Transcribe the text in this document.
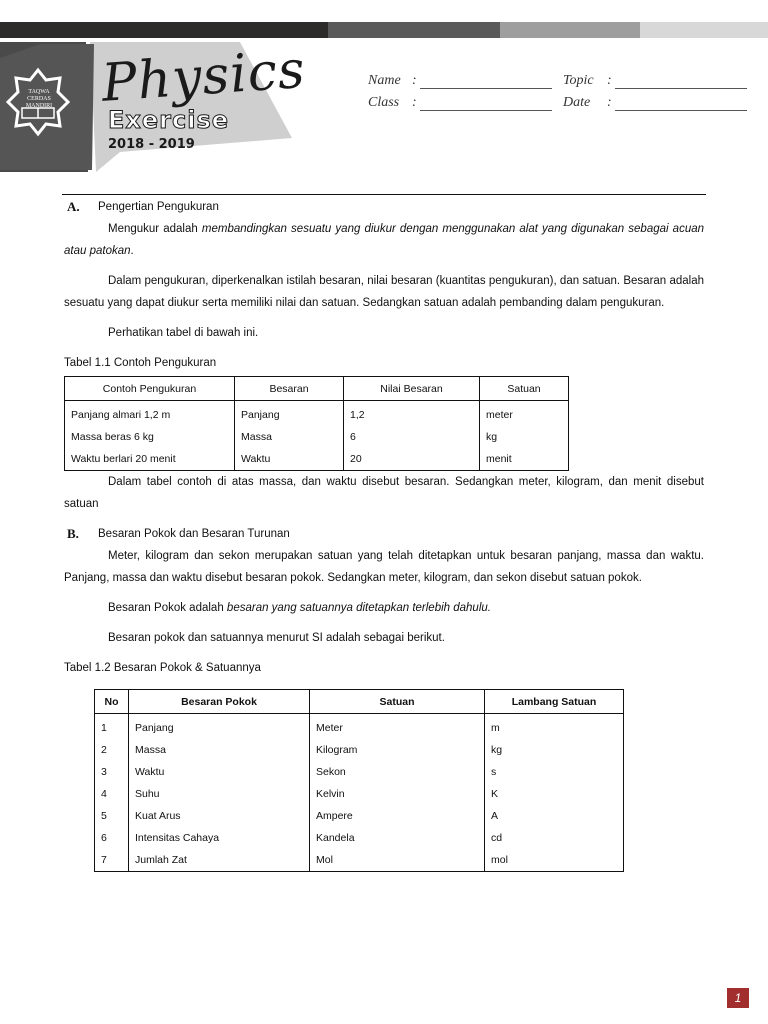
TAQWA CERDAS MANDIRI Physics
Exercise
2018 - 2019
Name :
Class :
Topic :
Date :
A. Pengertian Pengukuran

Mengukur adalah membandingkan sesuatu yang diukur dengan menggunakan alat yang digunakan sebagai acuan atau patokan.

Dalam pengukuran, diperkenalkan istilah besaran, nilai besaran (kuantitas pengukuran), dan satuan. Besaran adalah sesuatu yang dapat diukur serta memiliki nilai dan satuan. Sedangkan satuan adalah pembanding dalam pengukuran.

Perhatikan tabel di bawah ini.

Tabel 1.1 Contoh Pengukuran

Contoh Pengukuran	Besaran	Nilai Besaran	Satuan
Panjang almari 1,2 m	Panjang	1,2	meter
Massa beras 6 kg	Massa	6	kg
Waktu berlari 20 menit	Waktu	20	menit

Dalam tabel contoh di atas massa, dan waktu disebut besaran. Sedangkan meter, kilogram, dan menit disebut satuan

B. Besaran Pokok dan Besaran Turunan

Meter, kilogram dan sekon merupakan satuan yang telah ditetapkan untuk besaran panjang, massa dan waktu. Panjang, massa dan waktu disebut besaran pokok. Sedangkan meter, kilogram, dan sekon disebut satuan pokok.

Besaran Pokok adalah besaran yang satuannya ditetapkan terlebih dahulu.

Besaran pokok dan satuannya menurut SI adalah sebagai berikut.

Tabel 1.2 Besaran Pokok & Satuannya

No	Besaran Pokok	Satuan	Lambang Satuan
1	Panjang	Meter	m
2	Massa	Kilogram	kg
3	Waktu	Sekon	s
4	Suhu	Kelvin	K
5	Kuat Arus	Ampere	A
6	Intensitas Cahaya	Kandela	cd
7	Jumlah Zat	Mol	mol
1
